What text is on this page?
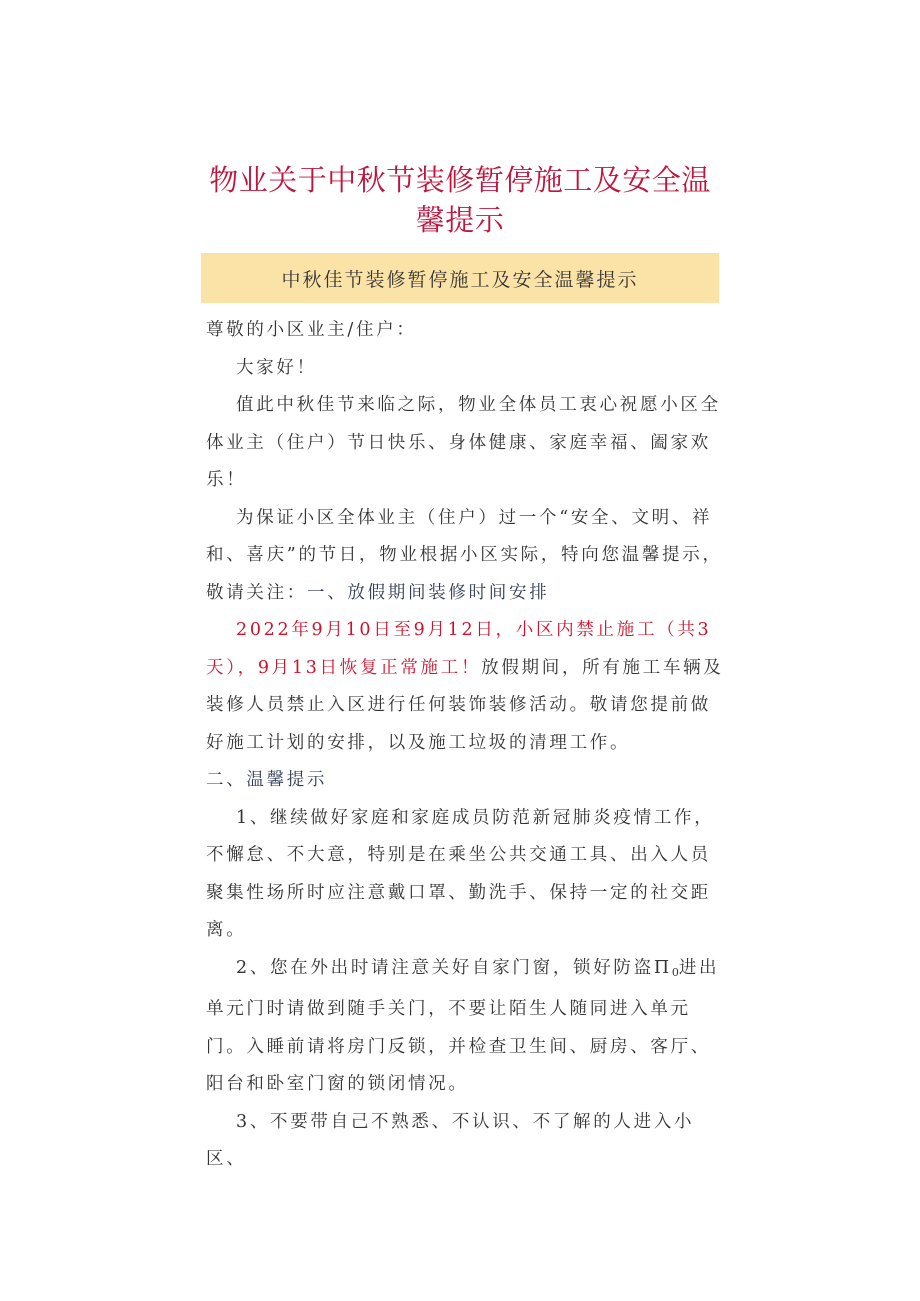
物业关于中秋节装修暂停施工及安全温馨提示
中秋佳节装修暂停施工及安全温馨提示

尊敬的小区业主/住户：

大家好！

值此中秋佳节来临之际，物业全体员工衷心祝愿小区全体业主（住户）节日快乐、身体健康、家庭幸福、阖家欢乐！

为保证小区全体业主（住户）过一个“安全、文明、祥和、喜庆”的节日，物业根据小区实际，特向您温馨提示，敬请关注：一、放假期间装修时间安排

2022年9月10日至9月12日，小区内禁止施工（共3天），9月13日恢复正常施工！放假期间，所有施工车辆及装修人员禁止入区进行任何装饰装修活动。敬请您提前做好施工计划的安排，以及施工垃圾的清理工作。

二、温馨提示

1、继续做好家庭和家庭成员防范新冠肺炎疫情工作，不懈怠、不大意，特别是在乘坐公共交通工具、出入人员聚集性场所时应注意戴口罩、勤洗手、保持一定的社交距离。

2、您在外出时请注意关好自家门窗，锁好防盗$\Pi_0$进出单元门时请做到随手关门，不要让陌生人随同进入单元门。入睡前请将房门反锁，并检查卫生间、厨房、客厅、阳台和卧室门窗的锁闭情况。

3、不要带自己不熟悉、不认识、不了解的人进入小区、
